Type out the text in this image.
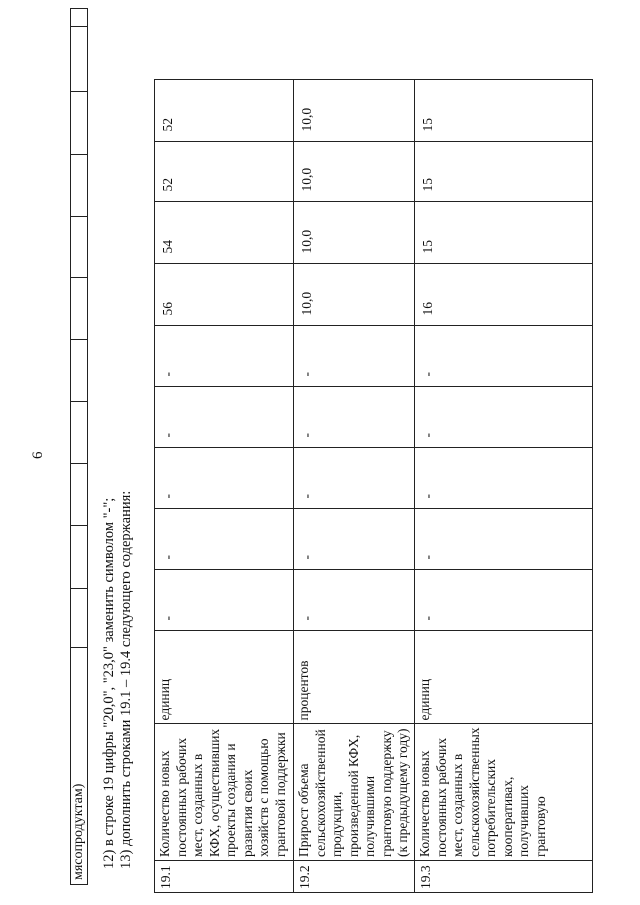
6
мясопродуктам)											12) в строке 19 цифры "20,0", "23,0" заменить символом "-"; 13) дополнить строками 19.1 – 19.4 следующего содержания:
19.1	Количество новых постоянных рабочих мест, созданных в КФХ, осуществивших проекты создания и развития своих хозяйств с помощью грантовой поддержки	единиц	-	-	-	-	-	56	54	52	52
19.2	Прирост объема сельскохозяйственной продукции, произведенной КФХ, получившими грантовую поддержку (к предыдущему году)	процентов	-	-	-	-	-	10,0	10,0	10,0	10,0
19.3	Количество новых постоянных рабочих мест, созданных в сельскохозяйственных потребительских кооперативах, получивших грантовую	единиц	-	-	-	-	-	16	15	15	15
